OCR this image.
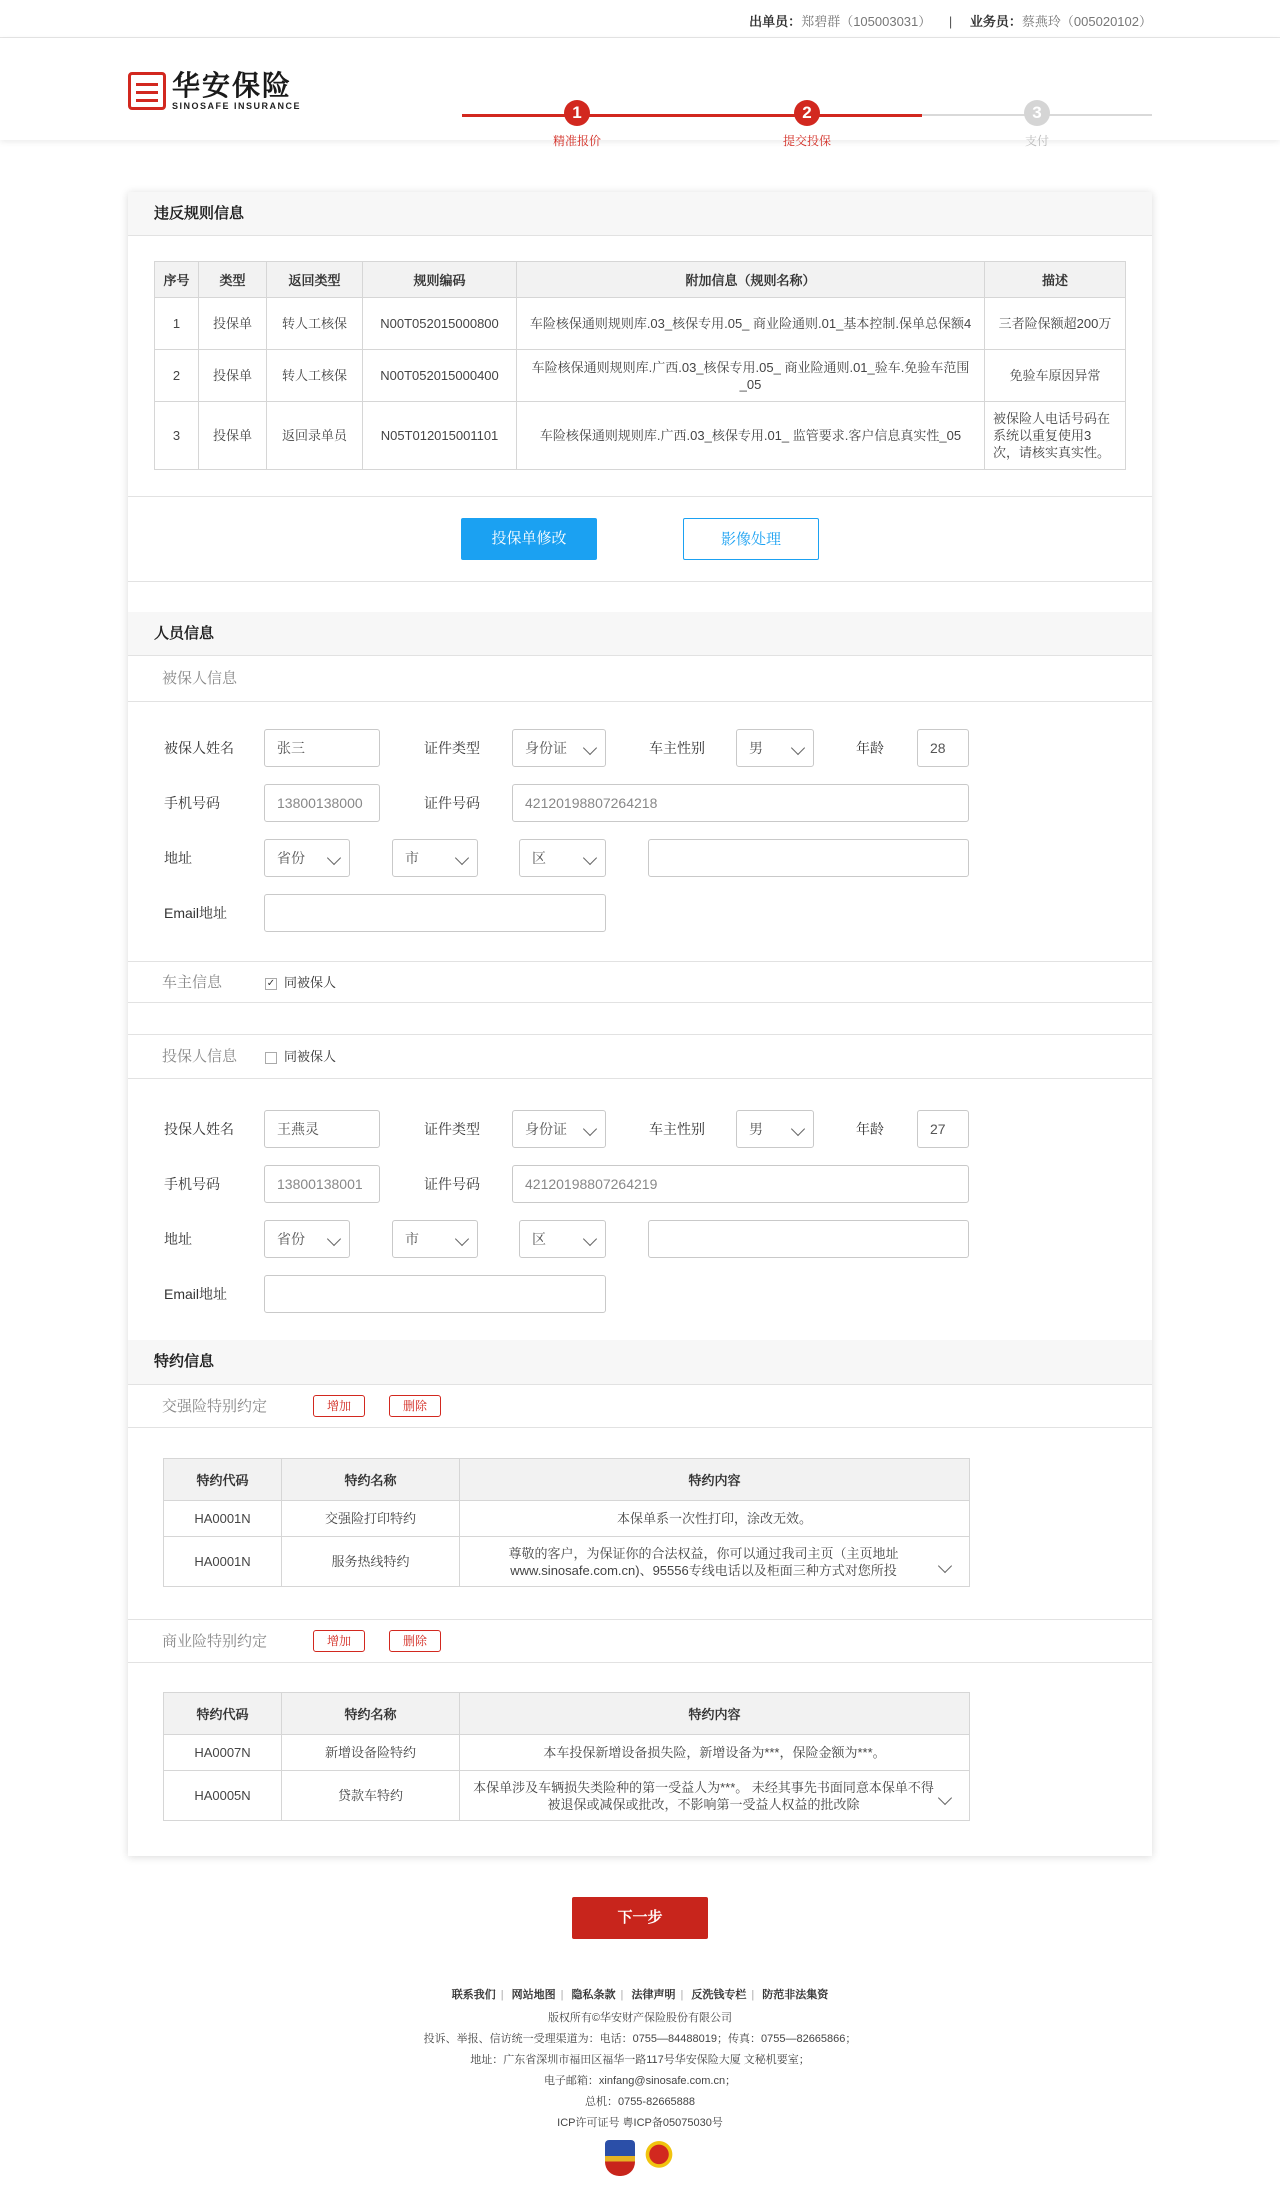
出单员：郑碧群（105003031） | 业务员：蔡燕玲（005020102）
华安保险
SINOSAFE INSURANCE	1
精准报价
2
提交投保
3
支付
违反规则信息
序号	类型	返回类型	规则编码	附加信息（规则名称）	描述
1	投保单	转人工核保	N00T052015000800	车险核保通则规则库.03_核保专用.05_ 商业险通则.01_基本控制.保单总保额4	三者险保额超200万
2	投保单	转人工核保	N00T052015000400	车险核保通则规则库.广西.03_核保专用.05_ 商业险通则.01_验车.免验车范围_05	免验车原因异常
3	投保单	返回录单员	N05T012015001101	车险核保通则规则库.广西.03_核保专用.01_ 监管要求.客户信息真实性_05	被保险人电话号码在系统以重复使用3次，请核实真实性。
投保单修改	影像处理
人员信息
被保人信息
被保人姓名	张三	证件类型	身份证	车主性别	男	年龄	28
手机号码	13800138000	证件号码	42120198807264218
地址	省份	市	区
Email地址
车主信息	✓ 同被保人
投保人信息	同被保人
投保人姓名	王燕灵	证件类型	身份证	车主性别	男	年龄	27
手机号码	13800138001	证件号码	42120198807264219
地址	省份	市	区
Email地址
特约信息
交强险特别约定	增加	删除
特约代码	特约名称	特约内容
HA0001N	交强险打印特约	本保单系一次性打印，涂改无效。
HA0001N	服务热线特约	尊敬的客户，为保证你的合法权益，你可以通过我司主页（主页地址www.sinosafe.com.cn)、95556专线电话以及柜面三种方式对您所投
商业险特别约定	增加	删除
特约代码	特约名称	特约内容
HA0007N	新增设备险特约	本车投保新增设备损失险，新增设备为***，保险金额为***。
HA0005N	贷款车特约	本保单涉及车辆损失类险种的第一受益人为***。 未经其事先书面同意本保单不得被退保或减保或批改，不影响第一受益人权益的批改除
下一步
联系我们 | 网站地图 | 隐私条款 | 法律声明 | 反洗钱专栏 | 防范非法集资
版权所有©华安财产保险股份有限公司
投诉、举报、信访统一受理渠道为：电话：0755—84488019；传真：0755—82665866；
地址：广东省深圳市福田区福华一路117号华安保险大厦 文秘机要室；
电子邮箱：xinfang@sinosafe.com.cn；
总机：0755-82665888
ICP许可证号 粤ICP备05075030号
